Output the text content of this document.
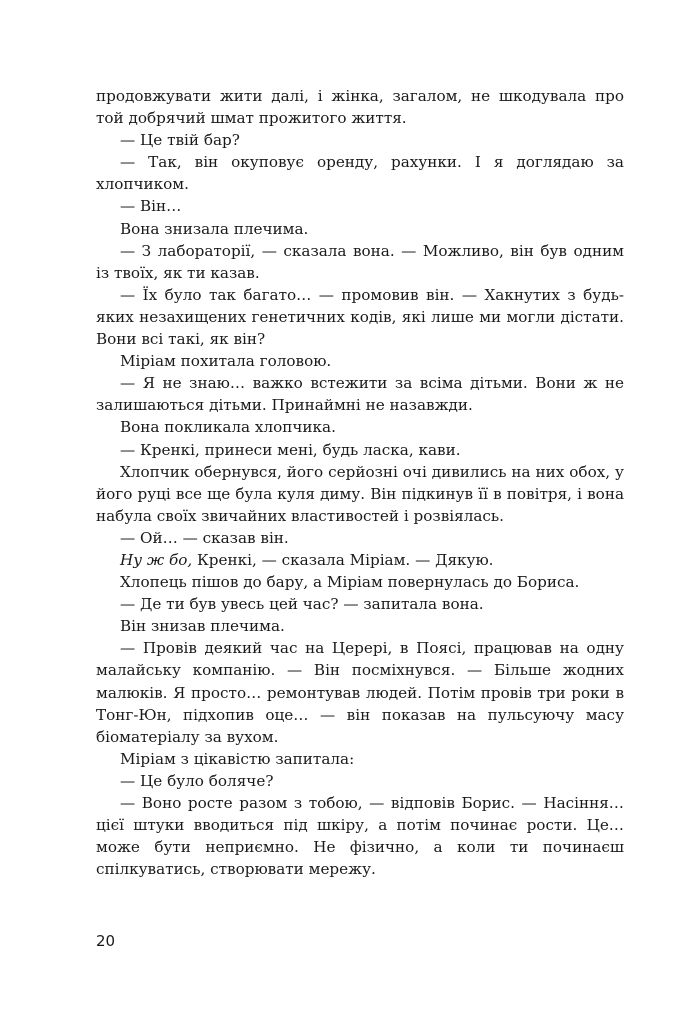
продовжувати жити далі, і жінка, загалом, не шкодувала про той добрячий шмат прожитого життя.

— Це твій бар?

— Так, він окуповує оренду, рахунки. І я доглядаю за хлопчиком.

— Він…

Вона знизала плечима.

— З лабораторії, — сказала вона. — Можливо, він був одним із твоїх, як ти казав.

— Їх було так багато… — промовив він. — Хакнутих з будь-яких незахищених генетичних кодів, які лише ми могли дістати. Вони всі такі, як він?

Міріам похитала головою.

— Я не знаю… важко встежити за всіма дітьми. Вони ж не залишаються дітьми. Принаймні не назавжди.

Вона покликала хлопчика.

— Кренкі, принеси мені, будь ласка, кави.

Хлопчик обернувся, його серйозні очі дивились на них обох, у його руці все ще була куля диму. Він підкинув її в повітря, і вона набула своїх звичайних властивостей і розвіялась.

— Ой… — сказав він.

Ну ж бо, Кренкі, — сказала Міріам. — Дякую.

Хлопець пішов до бару, а Міріам повернулась до Бориса.

— Де ти був увесь цей час? — запитала вона.

Він знизав плечима.

— Провів деякий час на Церері, в Поясі, працював на одну малайську компанію. — Він посміхнувся. — Більше жодних малюків. Я просто… ремонтував людей. Потім провів три роки в Тонг-Юн, підхопив оце… — він показав на пульсуючу масу біоматеріалу за вухом.

Міріам з цікавістю запитала:

— Це було боляче?

— Воно росте разом з тобою, — відповів Борис. — Насіння… цієї штуки вводиться під шкіру, а потім починає рости. Це… може бути неприємно. Не фізично, а коли ти починаєш спілкуватись, створювати мережу.

20
